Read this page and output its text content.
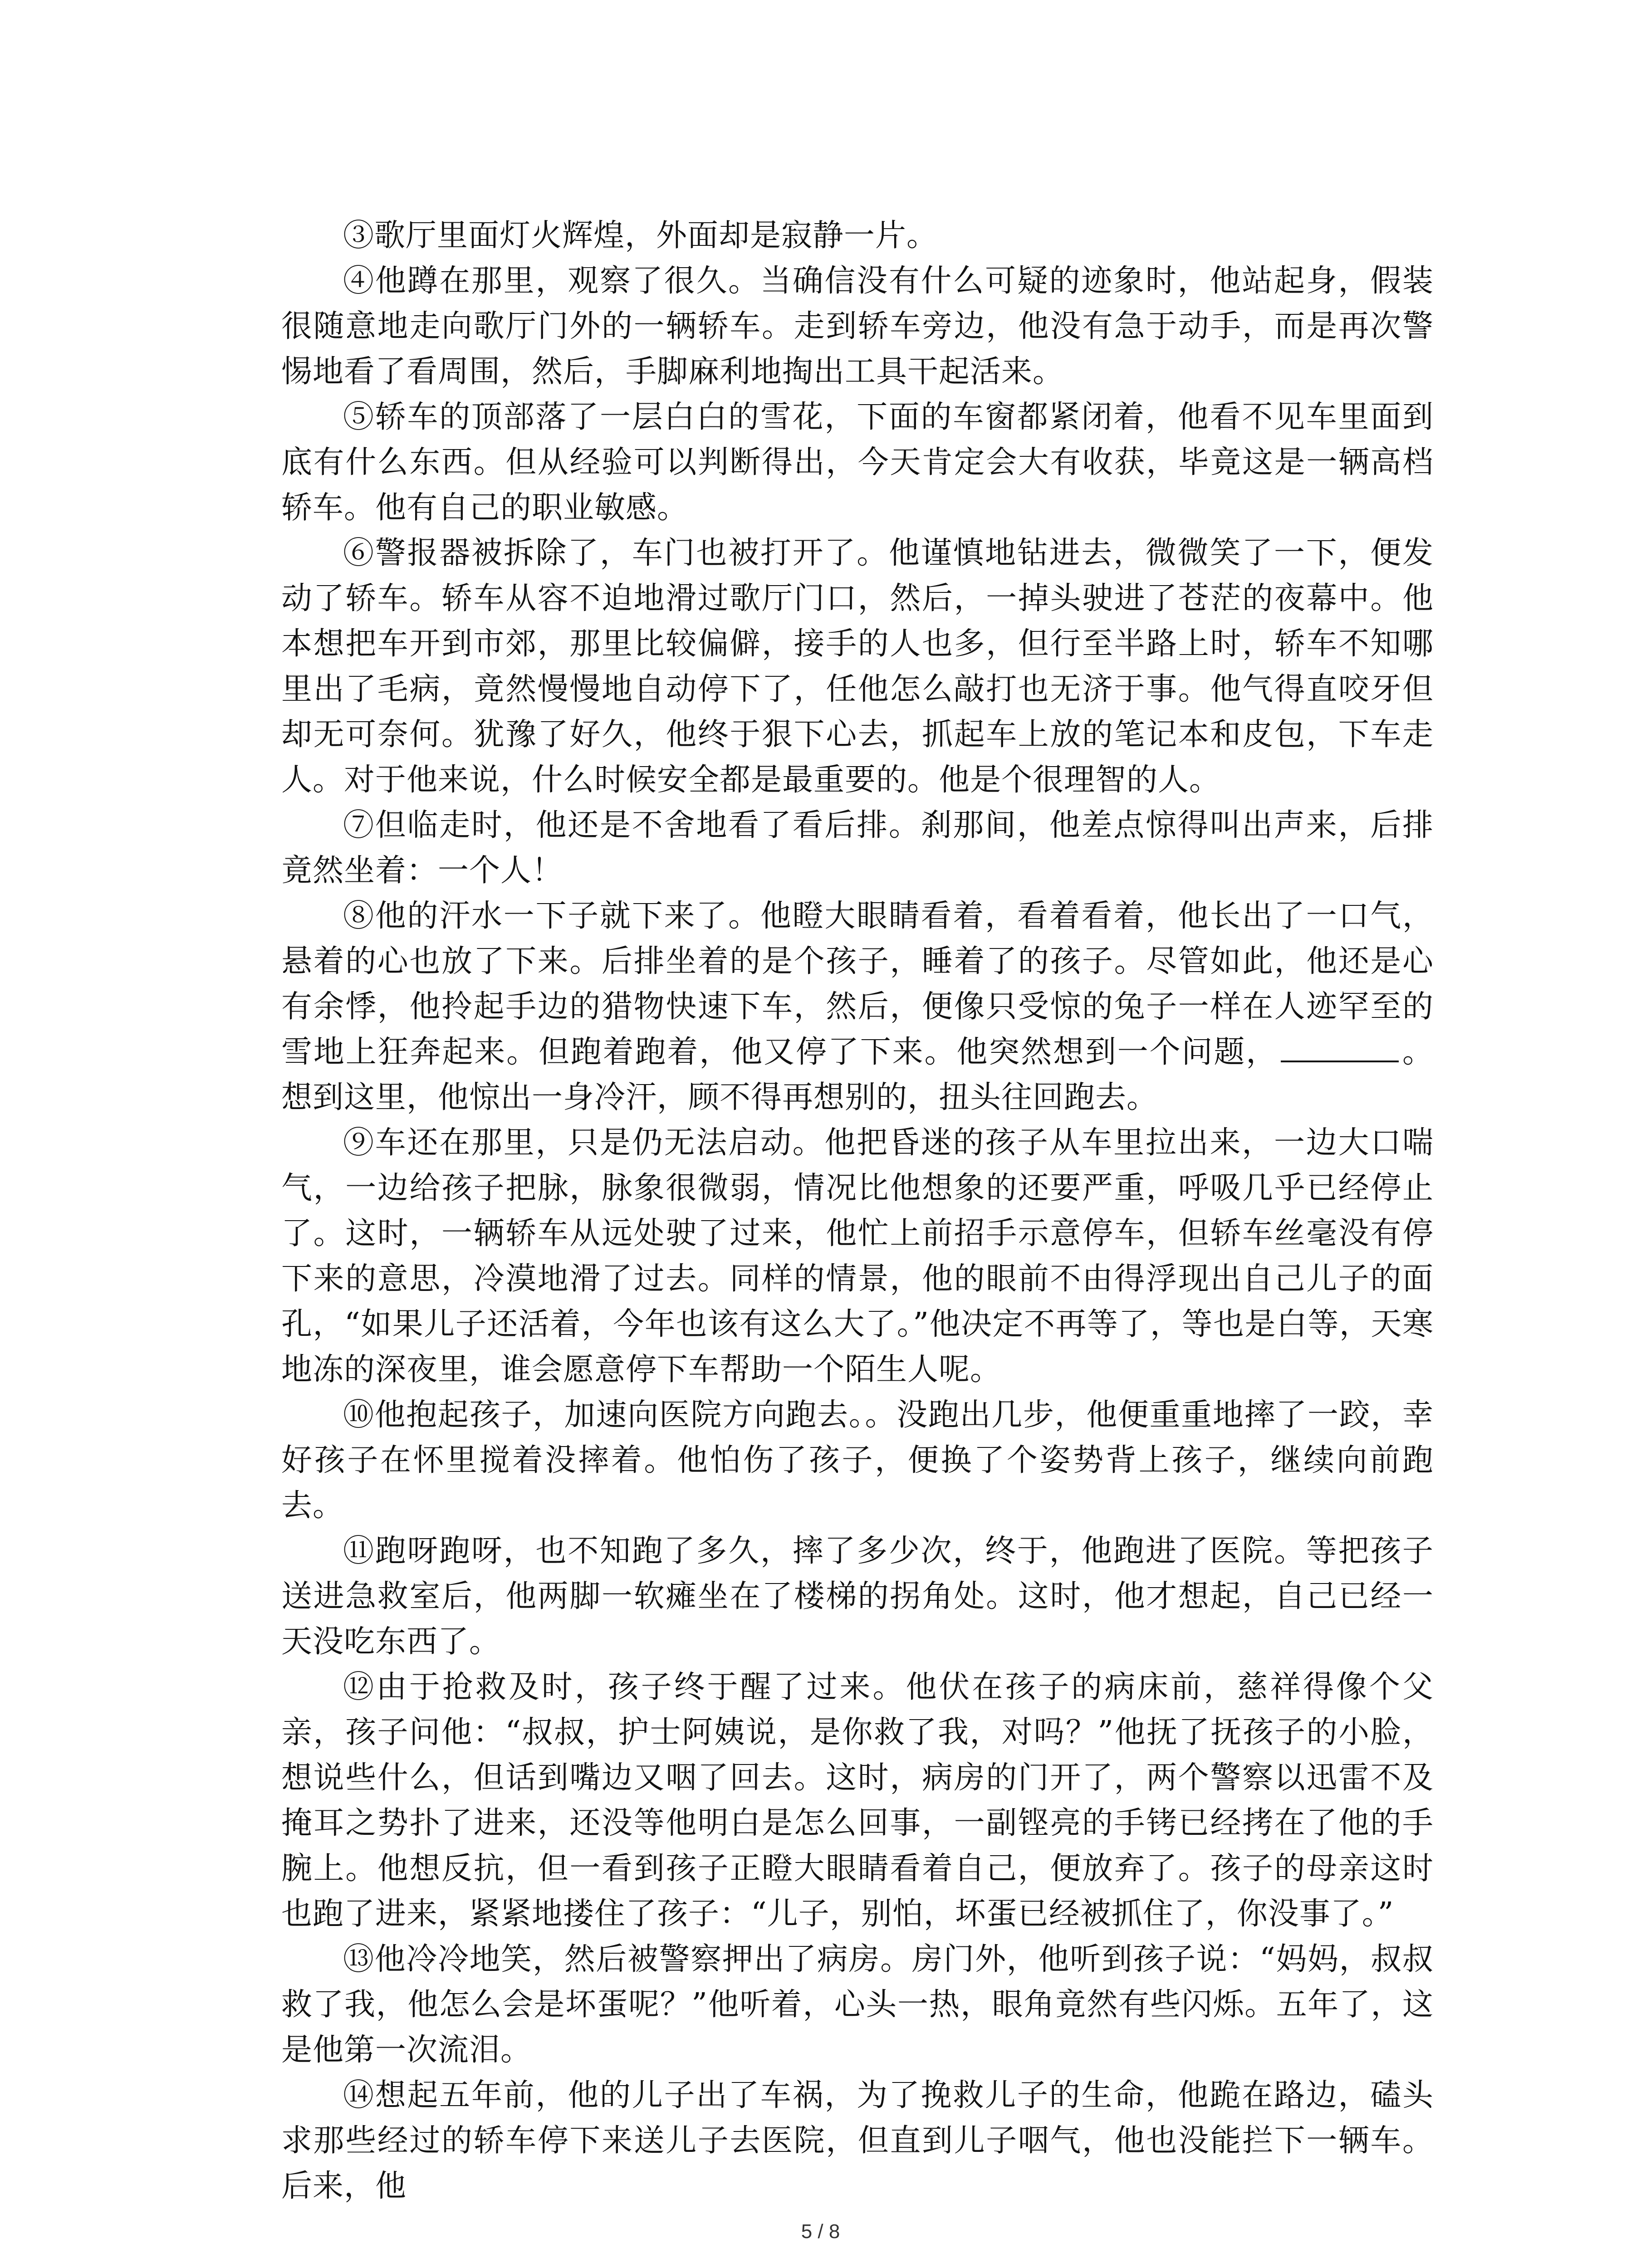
③歌厅里面灯火辉煌，外面却是寂静一片。

④他蹲在那里，观察了很久。当确信没有什么可疑的迹象时，他站起身，假装很随意地走向歌厅门外的一辆轿车。走到轿车旁边，他没有急于动手，而是再次警惕地看了看周围，然后，手脚麻利地掏出工具干起活来。

⑤轿车的顶部落了一层白白的雪花，下面的车窗都紧闭着，他看不见车里面到底有什么东西。但从经验可以判断得出，今天肯定会大有收获，毕竟这是一辆高档轿车。他有自己的职业敏感。

⑥警报器被拆除了，车门也被打开了。他谨慎地钻进去，微微笑了一下，便发动了轿车。轿车从容不迫地滑过歌厅门口，然后，一掉头驶进了苍茫的夜幕中。他本想把车开到市郊，那里比较偏僻，接手的人也多，但行至半路上时，轿车不知哪里出了毛病，竟然慢慢地自动停下了，任他怎么敲打也无济于事。他气得直咬牙但却无可奈何。犹豫了好久，他终于狠下心去，抓起车上放的笔记本和皮包，下车走人。对于他来说，什么时候安全都是最重要的。他是个很理智的人。

⑦但临走时，他还是不舍地看了看后排。刹那间，他差点惊得叫出声来，后排竟然坐着：一个人！

⑧他的汗水一下子就下来了。他瞪大眼睛看着，看着看着，他长出了一口气，悬着的心也放了下来。后排坐着的是个孩子，睡着了的孩子。尽管如此，他还是心有余悸，他拎起手边的猎物快速下车，然后，便像只受惊的兔子一样在人迹罕至的雪地上狂奔起来。但跑着跑着，他又停了下来。他突然想到一个问题，	。想到这里，他惊出一身冷汗，顾不得再想别的，扭头往回跑去。

⑨车还在那里，只是仍无法启动。他把昏迷的孩子从车里拉出来，一边大口喘气，一边给孩子把脉，脉象很微弱，情况比他想象的还要严重，呼吸几乎已经停止了。这时，一辆轿车从远处驶了过来，他忙上前招手示意停车，但轿车丝毫没有停下来的意思，冷漠地滑了过去。同样的情景，他的眼前不由得浮现出自己儿子的面孔，“如果儿子还活着，今年也该有这么大了。”他决定不再等了，等也是白等，天寒地冻的深夜里，谁会愿意停下车帮助一个陌生人呢。

⑩他抱起孩子，加速向医院方向跑去。。没跑出几步，他便重重地摔了一跤，幸好孩子在怀里搅着没摔着。他怕伤了孩子，便换了个姿势背上孩子，继续向前跑去。

⑪跑呀跑呀，也不知跑了多久，摔了多少次，终于，他跑进了医院。等把孩子送进急救室后，他两脚一软瘫坐在了楼梯的拐角处。这时，他才想起，自己已经一天没吃东西了。

⑫由于抢救及时，孩子终于醒了过来。他伏在孩子的病床前，慈祥得像个父亲，孩子问他：“叔叔，护士阿姨说，是你救了我，对吗？”他抚了抚孩子的小脸，想说些什么，但话到嘴边又咽了回去。这时，病房的门开了，两个警察以迅雷不及掩耳之势扑了进来，还没等他明白是怎么回事，一副铿亮的手铐已经拷在了他的手腕上。他想反抗，但一看到孩子正瞪大眼睛看着自己，便放弃了。孩子的母亲这时也跑了进来，紧紧地搂住了孩子：“儿子，别怕，坏蛋已经被抓住了，你没事了。”

⑬他冷冷地笑，然后被警察押出了病房。房门外，他听到孩子说：“妈妈，叔叔救了我，他怎么会是坏蛋呢？”他听着，心头一热，眼角竟然有些闪烁。五年了，这是他第一次流泪。

⑭想起五年前，他的儿子出了车祸，为了挽救儿子的生命，他跪在路边，磕头求那些经过的轿车停下来送儿子去医院，但直到儿子咽气，他也没能拦下一辆车。后来，他

5 / 8
